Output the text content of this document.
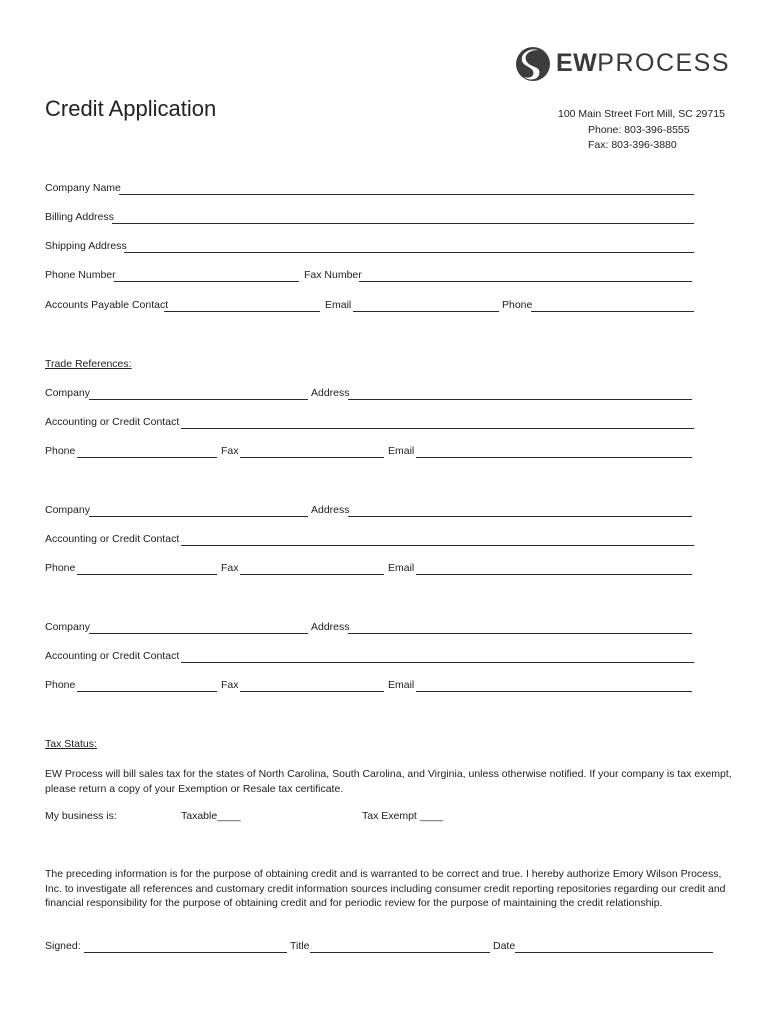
EWPROCESS
Credit Application	100 Main Street Fort Mill, SC 29715
Phone: 803-396-8555
Fax: 803-396-3880
Company Name
Billing Address
Shipping Address
Phone Number	Fax Number
Accounts Payable Contact	Email	Phone
Trade References:
Company	Address
Accounting or Credit Contact
Phone	Fax	Email
Company	Address
Accounting or Credit Contact
Phone	Fax	Email
Company	Address
Accounting or Credit Contact
Phone	Fax	Email
Tax Status:
EW Process will bill sales tax for the states of North Carolina, South Carolina, and Virginia, unless otherwise notified. If your company is tax exempt, please return a copy of your Exemption or Resale tax certificate.
My business is:	Taxable____	Tax Exempt ____
The preceding information is for the purpose of obtaining credit and is warranted to be correct and true. I hereby authorize Emory Wilson Process, Inc. to investigate all references and customary credit information sources including consumer credit reporting repositories regarding our credit and financial responsibility for the purpose of obtaining credit and for periodic review for the purpose of maintaining the credit relationship.
Signed:	Title	Date
